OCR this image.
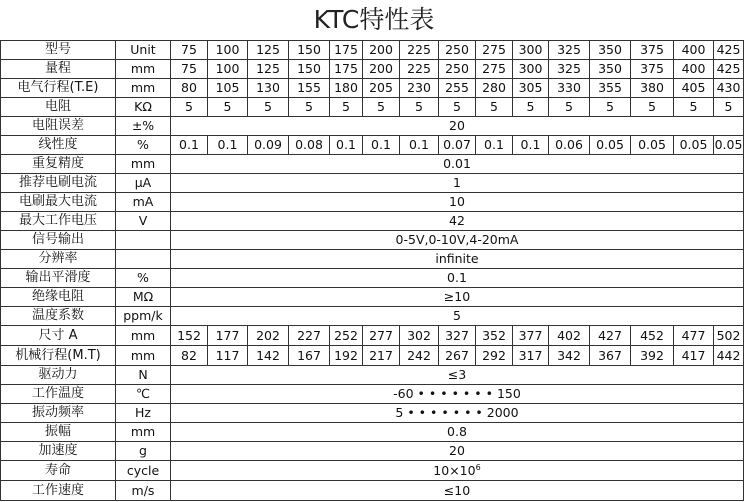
KTC特性表
型号	Unit	75	100	125	150	175	200	225	250	275	300	325	350	375	400	425
量程	mm	75	100	125	150	175	200	225	250	275	300	325	350	375	400	425
电气行程(T.E)	mm	80	105	130	155	180	205	230	255	280	305	330	355	380	405	430
电阻	KΩ	5	5	5	5	5	5	5	5	5	5	5	5	5	5	5
电阻误差	±%	20														
线性度	%	0.1	0.1	0.09	0.08	0.1	0.1	0.1	0.07	0.1	0.1	0.06	0.05	0.05	0.05	0.05
重复精度	mm	0.01														
推荐电刷电流	μA	1														
电刷最大电流	mA	10														
最大工作电压	V	42														
信号输出		0-5V,0-10V,4-20mA														
分辨率		infinite														
输出平滑度	%	0.1														
绝缘电阻	MΩ	≥10														
温度系数	ppm/k	5														
尺寸 A	mm	152	177	202	227	252	277	302	327	352	377	402	427	452	477	502
机械行程(M.T)	mm	82	117	142	167	192	217	242	267	292	317	342	367	392	417	442
驱动力	N	≤3														
工作温度	℃	-60 • • • • • • • 150														
振动频率	Hz	5 • • • • • • • 2000														
振幅	mm	0.8														
加速度	g	20														
寿命	cycle	$10\times 10^6$
工作速度	m/s	≤10														
